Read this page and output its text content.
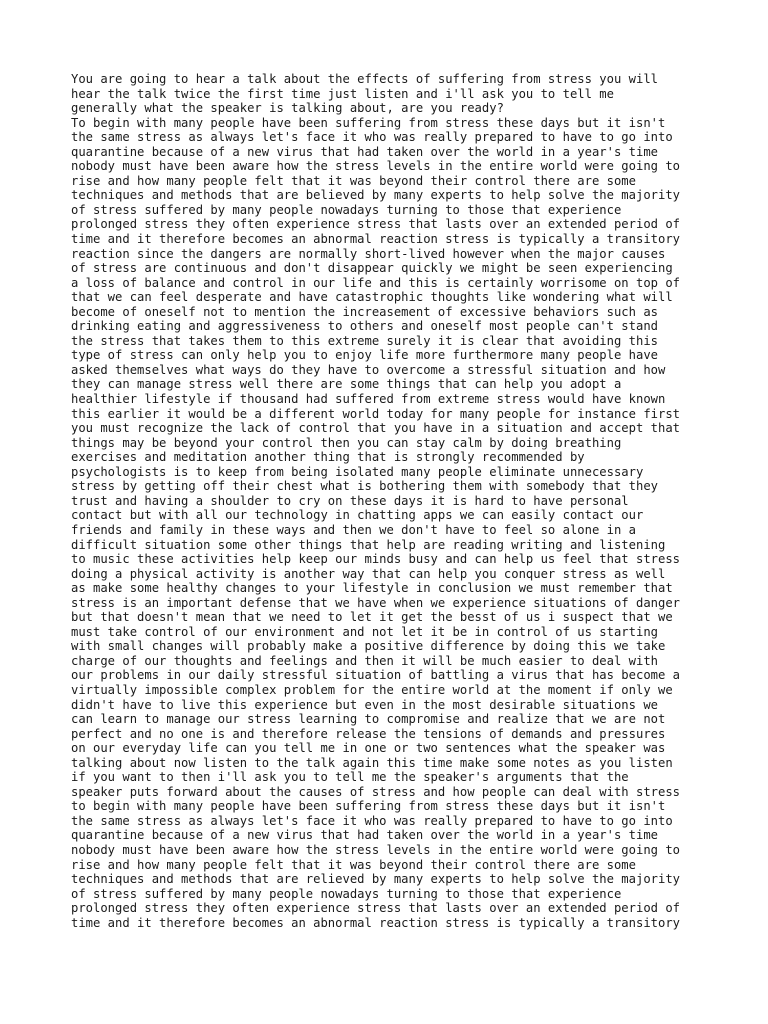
You are going to hear a talk about the effects of suffering from stress you will
hear the talk twice the first time just listen and i'll ask you to tell me
generally what the speaker is talking about, are you ready?
To begin with many people have been suffering from stress these days but it isn't
the same stress as always let's face it who was really prepared to have to go into
quarantine because of a new virus that had taken over the world in a year's time
nobody must have been aware how the stress levels in the entire world were going to
rise and how many people felt that it was beyond their control there are some
techniques and methods that are believed by many experts to help solve the majority
of stress suffered by many people nowadays turning to those that experience
prolonged stress they often experience stress that lasts over an extended period of
time and it therefore becomes an abnormal reaction stress is typically a transitory
reaction since the dangers are normally short-lived however when the major causes
of stress are continuous and don't disappear quickly we might be seen experiencing
a loss of balance and control in our life and this is certainly worrisome on top of
that we can feel desperate and have catastrophic thoughts like wondering what will
become of oneself not to mention the increasement of excessive behaviors such as
drinking eating and aggressiveness to others and oneself most people can't stand
the stress that takes them to this extreme surely it is clear that avoiding this
type of stress can only help you to enjoy life more furthermore many people have
asked themselves what ways do they have to overcome a stressful situation and how
they can manage stress well there are some things that can help you adopt a
healthier lifestyle if thousand had suffered from extreme stress would have known
this earlier it would be a different world today for many people for instance first
you must recognize the lack of control that you have in a situation and accept that
things may be beyond your control then you can stay calm by doing breathing
exercises and meditation another thing that is strongly recommended by
psychologists is to keep from being isolated many people eliminate unnecessary
stress by getting off their chest what is bothering them with somebody that they
trust and having a shoulder to cry on these days it is hard to have personal
contact but with all our technology in chatting apps we can easily contact our
friends and family in these ways and then we don't have to feel so alone in a
difficult situation some other things that help are reading writing and listening
to music these activities help keep our minds busy and can help us feel that stress
doing a physical activity is another way that can help you conquer stress as well
as make some healthy changes to your lifestyle in conclusion we must remember that
stress is an important defense that we have when we experience situations of danger
but that doesn't mean that we need to let it get the besst of us i suspect that we
must take control of our environment and not let it be in control of us starting
with small changes will probably make a positive difference by doing this we take
charge of our thoughts and feelings and then it will be much easier to deal with
our problems in our daily stressful situation of battling a virus that has become a
virtually impossible complex problem for the entire world at the moment if only we
didn't have to live this experience but even in the most desirable situations we
can learn to manage our stress learning to compromise and realize that we are not
perfect and no one is and therefore release the tensions of demands and pressures
on our everyday life can you tell me in one or two sentences what the speaker was
talking about now listen to the talk again this time make some notes as you listen
if you want to then i'll ask you to tell me the speaker's arguments that the
speaker puts forward about the causes of stress and how people can deal with stress
to begin with many people have been suffering from stress these days but it isn't
the same stress as always let's face it who was really prepared to have to go into
quarantine because of a new virus that had taken over the world in a year's time
nobody must have been aware how the stress levels in the entire world were going to
rise and how many people felt that it was beyond their control there are some
techniques and methods that are relieved by many experts to help solve the majority
of stress suffered by many people nowadays turning to those that experience
prolonged stress they often experience stress that lasts over an extended period of
time and it therefore becomes an abnormal reaction stress is typically a transitory
